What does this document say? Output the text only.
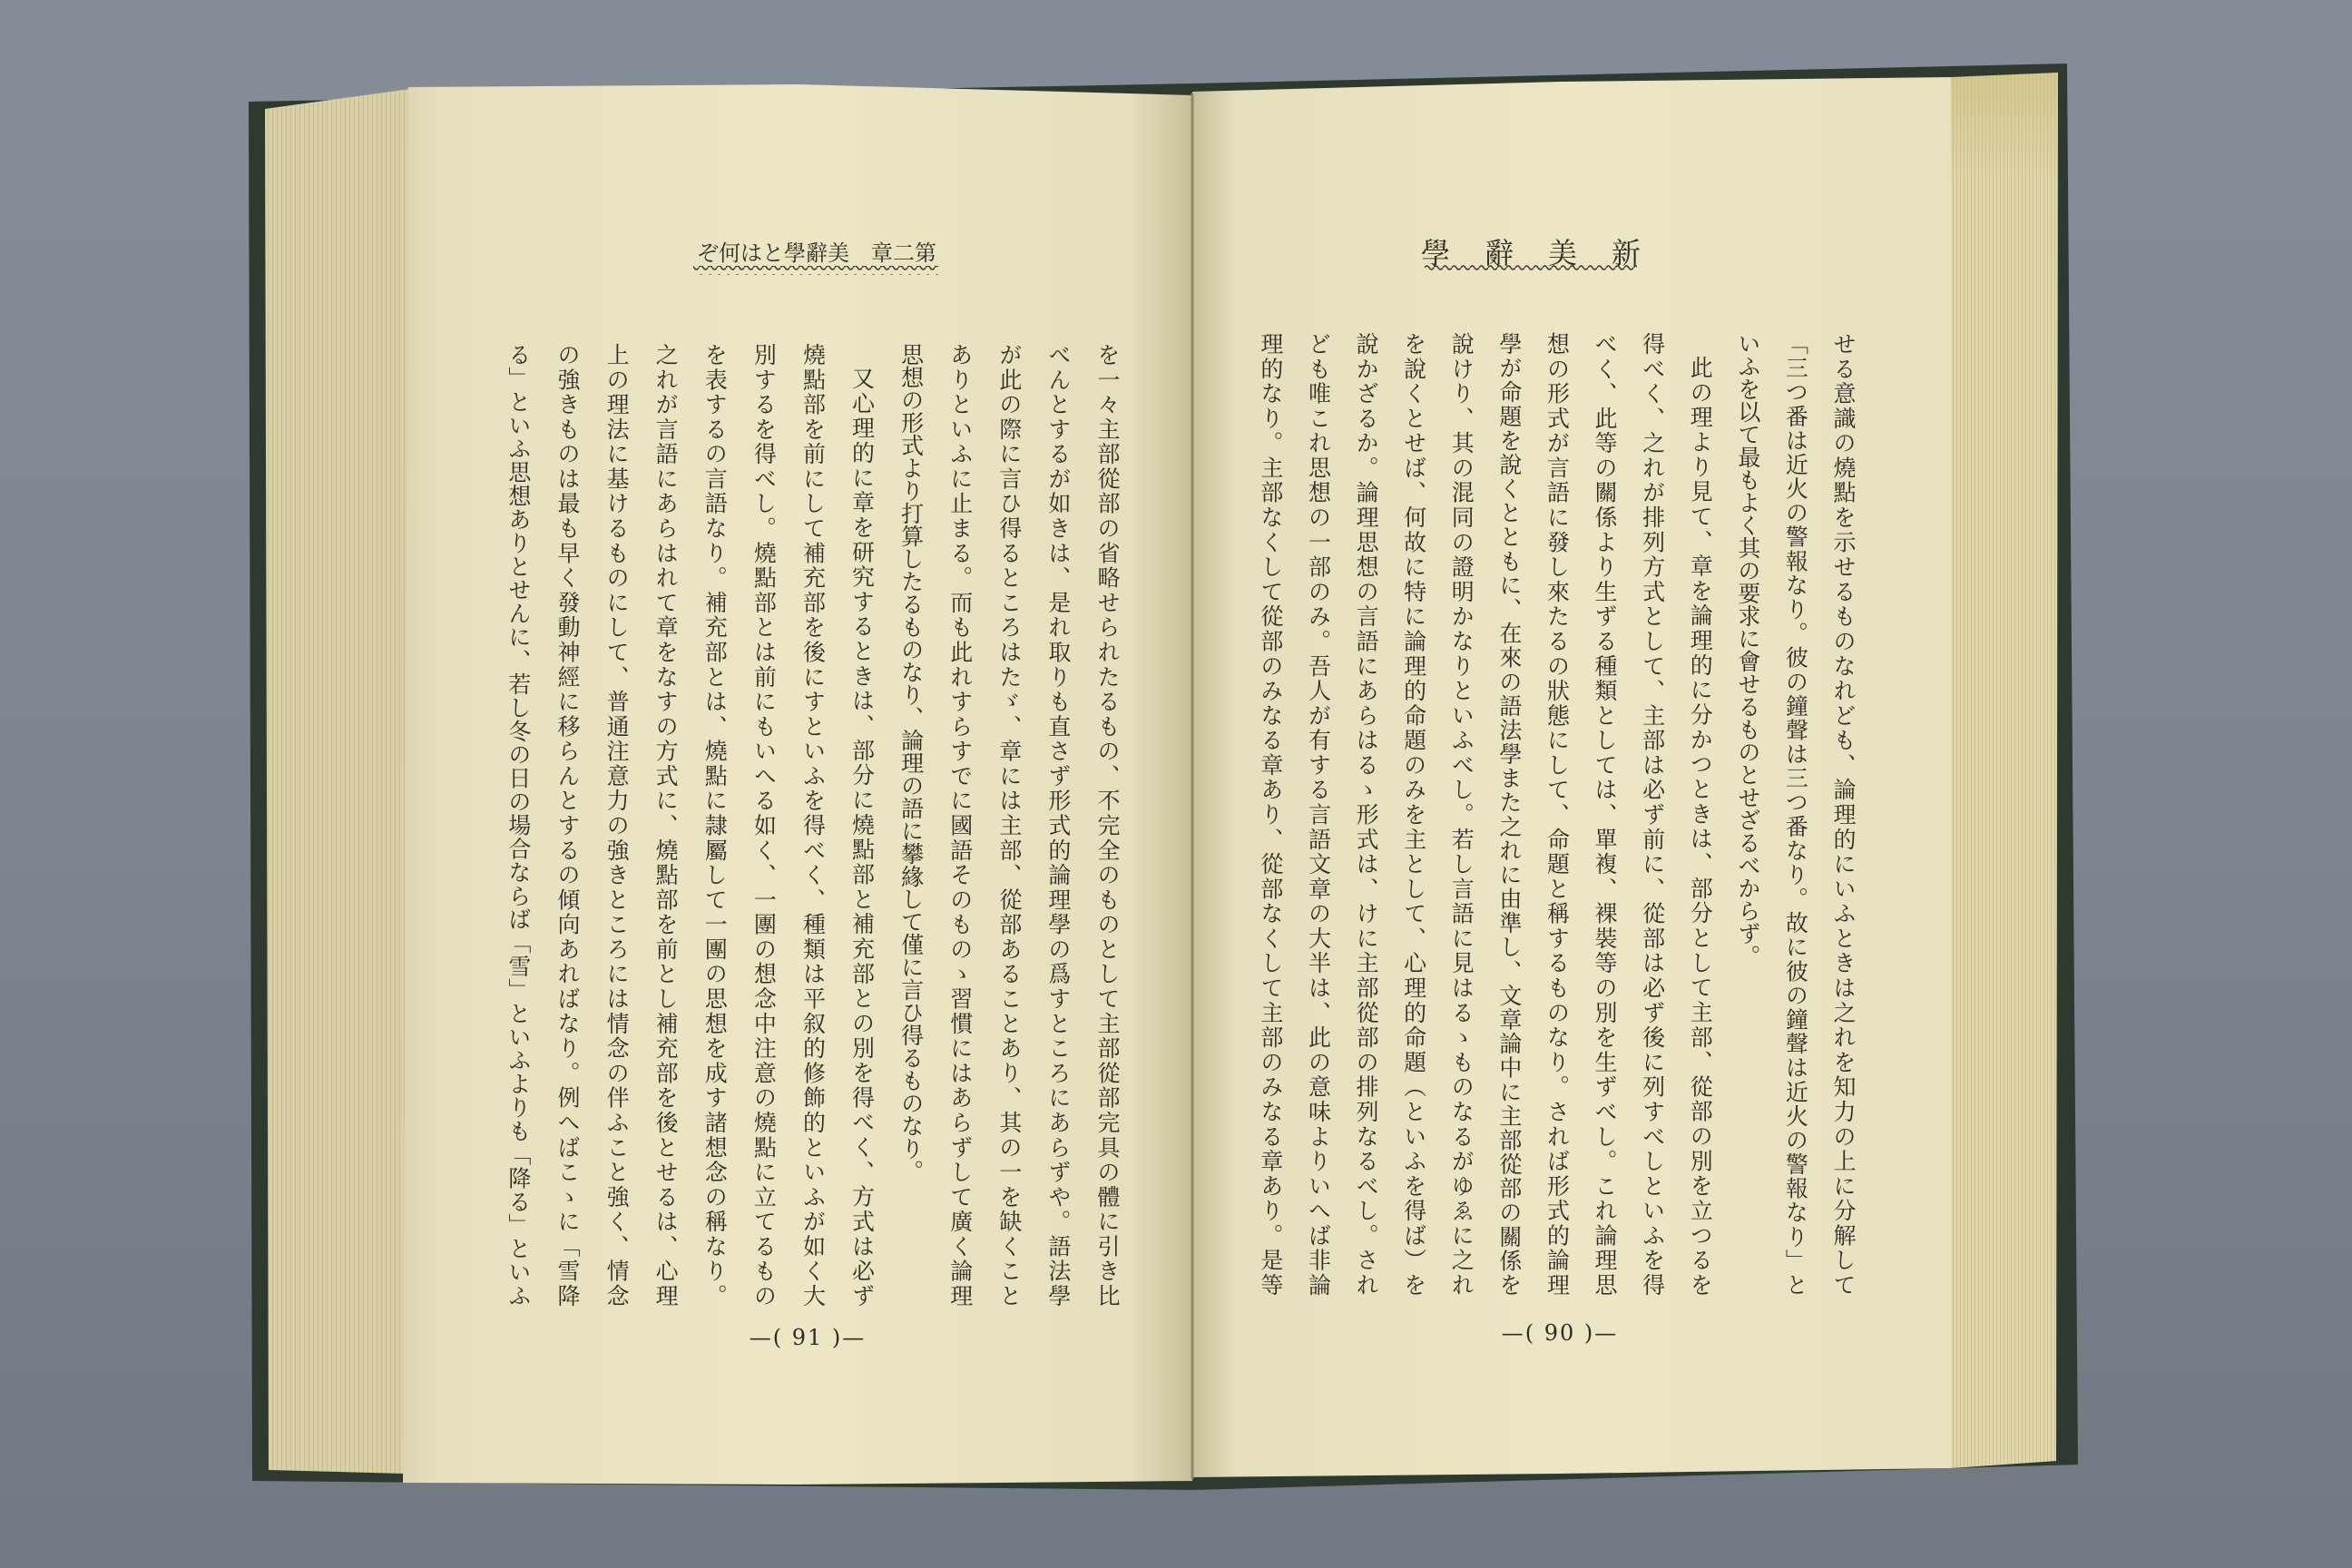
第二章　美辭學とは何ぞ
を一々主部從部の省略せられたるもの、不完全のものとして主部從部完具の體に引き比
べんとするが如きは、是れ取りも直さず形式的論理學の爲すところにあらずや。語法學
が此の際に言ひ得るところはたゞ、章には主部、從部あることあり、其の一を缺くこと
ありといふに止まる。而も此れすらすでに國語そのものゝ習慣にはあらずして廣く論理
思想の形式より打算したるものなり、論理の語に攀緣して僅に言ひ得るものなり。
又心理的に章を研究するときは、部分に燒點部と補充部との別を得べく、方式は必ず
燒點部を前にして補充部を後にすといふを得べく、種類は平叙的修飾的といふが如く大
別するを得べし。燒點部とは前にもいへる如く、一團の想念中注意の燒點に立てるもの
を表するの言語なり。補充部とは、燒點に隷屬して一團の思想を成す諸想念の稱なり。
之れが言語にあらはれて章をなすの方式に、燒點部を前とし補充部を後とせるは、心理
上の理法に基けるものにして、普通注意力の強きところには情念の伴ふこと強く、情念
の強きものは最も早く發動神經に移らんとするの傾向あればなり。例へばこゝに「雪降
る」といふ思想ありとせんに、若し冬の日の場合ならば「雪」といふよりも「降る」といふ
—( 91 )—
新美辭學
せる意識の燒點を示せるものなれども、論理的にいふときは之れを知力の上に分解して
「三つ番は近火の警報なり。彼の鐘聲は三つ番なり。故に彼の鐘聲は近火の警報なり」と
いふを以て最もよく其の要求に會せるものとせざるべからず。
此の理より見て、章を論理的に分かつときは、部分として主部、從部の別を立つるを
得べく、之れが排列方式として、主部は必ず前に、從部は必ず後に列すべしといふを得
べく、此等の關係より生ずる種類としては、單複、裸裝等の別を生ずべし。これ論理思
想の形式が言語に發し來たるの狀態にして、命題と稱するものなり。されば形式的論理
學が命題を說くとともに、在來の語法學また之れに由準し、文章論中に主部從部の關係を
說けり、其の混同の證明かなりといふべし。若し言語に見はるゝものなるがゆゑに之れ
を說くとせば、何故に特に論理的命題のみを主として、心理的命題（といふを得ば）を
說かざるか。論理思想の言語にあらはるゝ形式は、けに主部從部の排列なるべし。され
ども唯これ思想の一部のみ。吾人が有する言語文章の大半は、此の意味よりいへば非論
理的なり。主部なくして從部のみなる章あり、從部なくして主部のみなる章あり。是等
—( 90 )—
